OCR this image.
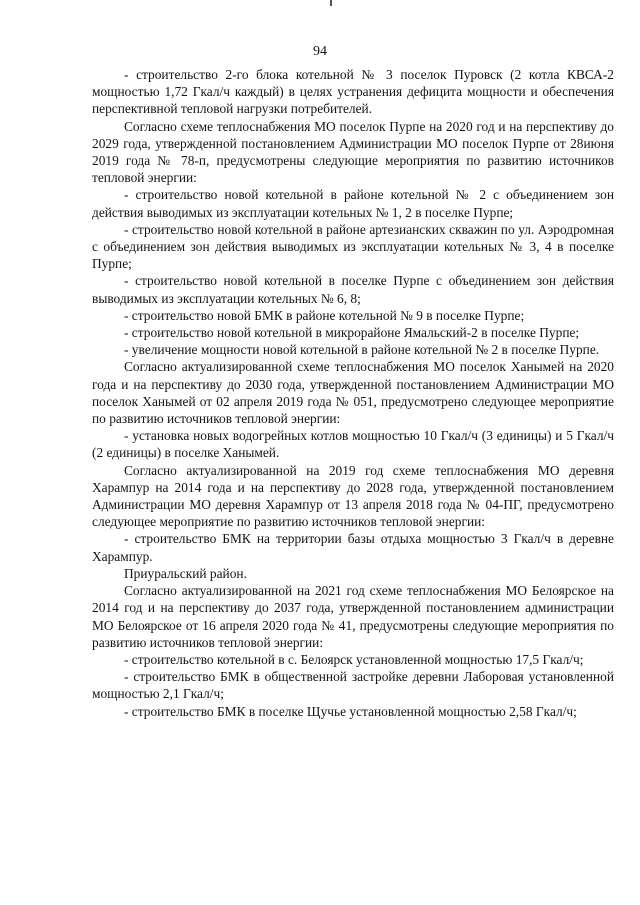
94

- строительство 2-го блока котельной № 3 поселок Пуровск (2 котла КВСА-2 мощностью 1,72 Гкал/ч каждый) в целях устранения дефицита мощности и обеспечения перспективной тепловой нагрузки потребителей.

Согласно схеме теплоснабжения МО поселок Пурпе на 2020 год и на перспективу до 2029 года, утвержденной постановлением Администрации МО поселок Пурпе от 28июня 2019 года № 78-п, предусмотрены следующие мероприятия по развитию источников тепловой энергии:

- строительство новой котельной в районе котельной № 2 с объединением зон действия выводимых из эксплуатации котельных № 1, 2 в поселке Пурпе;

- строительство новой котельной в районе артезианских скважин по ул. Аэродромная с объединением зон действия выводимых из эксплуатации котельных № 3, 4 в поселке Пурпе;

- строительство новой котельной в поселке Пурпе с объединением зон действия выводимых из эксплуатации котельных № 6, 8;

- строительство новой БМК в районе котельной № 9 в поселке Пурпе;

- строительство новой котельной в микрорайоне Ямальский-2 в поселке Пурпе;

- увеличение мощности новой котельной в районе котельной № 2 в поселке Пурпе.

Согласно актуализированной схеме теплоснабжения МО поселок Ханымей на 2020 года и на перспективу до 2030 года, утвержденной постановлением Администрации МО поселок Ханымей от 02 апреля 2019 года № 051, предусмотрено следующее мероприятие по развитию источников тепловой энергии:

- установка новых водогрейных котлов мощностью 10 Гкал/ч (3 единицы) и 5 Гкал/ч (2 единицы) в поселке Ханымей.

Согласно актуализированной на 2019 год схеме теплоснабжения МО деревня Харампур на 2014 года и на перспективу до 2028 года, утвержденной постановлением Администрации МО деревня Харампур от 13 апреля 2018 года № 04-ПГ, предусмотрено следующее мероприятие по развитию источников тепловой энергии:

- строительство БМК на территории базы отдыха мощностью 3 Гкал/ч в деревне Харампур.

Приуральский район.

Согласно актуализированной на 2021 год схеме теплоснабжения МО Белоярское на 2014 год и на перспективу до 2037 года, утвержденной постановлением администрации МО Белоярское от 16 апреля 2020 года № 41, предусмотрены следующие мероприятия по развитию источников тепловой энергии:

- строительство котельной в с. Белоярск установленной мощностью 17,5 Гкал/ч;

- строительство БМК в общественной застройке деревни Лаборовая установленной мощностью 2,1 Гкал/ч;

- строительство БМК в поселке Щучье установленной мощностью 2,58 Гкал/ч;
